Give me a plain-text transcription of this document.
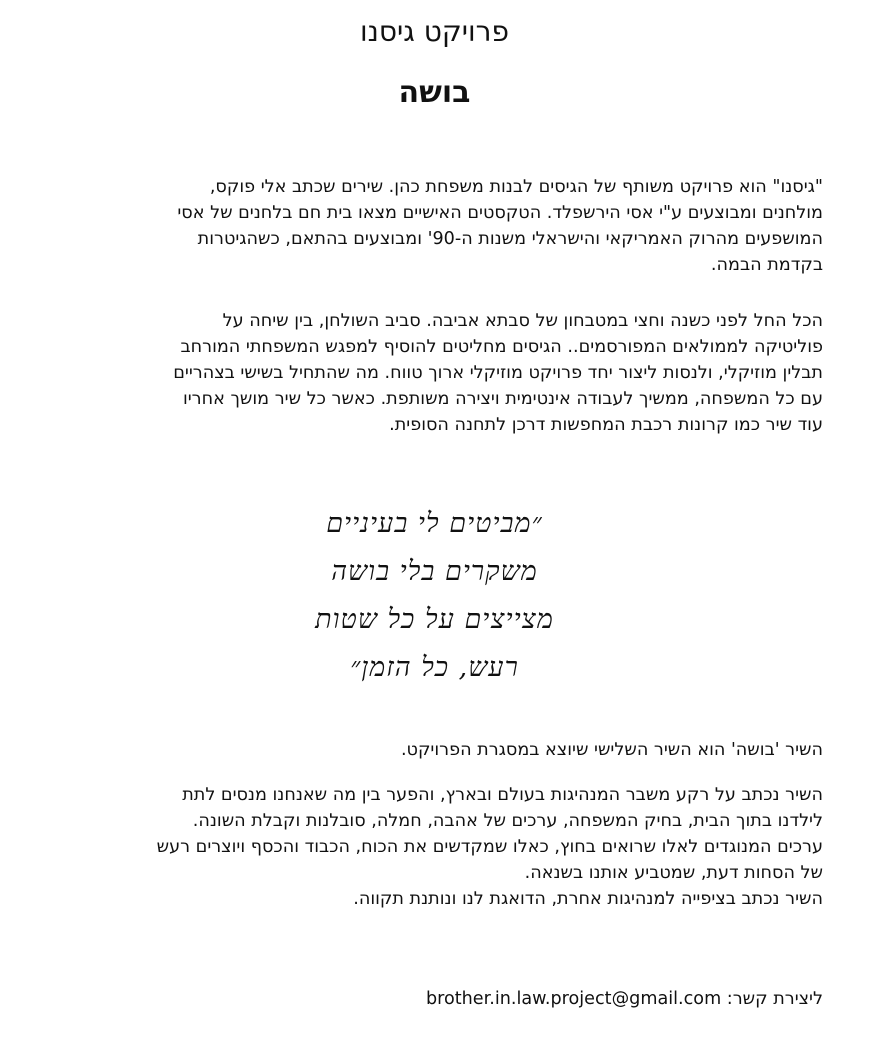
פרויקט גיסנו
בושה

"גיסנו" הוא פרויקט משותף של הגיסים לבנות משפחת כהן. שירים שכתב אלי פוקס,
מולחנים ומבוצעים ע"י אסי הירשפלד. הטקסטים האישיים מצאו בית חם בלחנים של אסי
המושפעים מהרוק האמריקאי והישראלי משנות ה-90' ומבוצעים בהתאם, כשהגיטרות
בקדמת הבמה.

הכל החל לפני כשנה וחצי במטבחון של סבתא אביבה. סביב השולחן, בין שיחה על
פוליטיקה לממולאים המפורסמים.. הגיסים מחליטים להוסיף למפגש המשפחתי המורחב
תבלין מוזיקלי, ולנסות ליצור יחד פרויקט מוזיקלי ארוך טווח. מה שהתחיל בשישי בצהריים
עם כל המשפחה, ממשיך לעבודה אינטימית ויצירה משותפת. כאשר כל שיר מושך אחריו
עוד שיר כמו קרונות רכבת המחפשות דרכן לתחנה הסופית.

״מביטים לי בעיניים
משקרים בלי בושה
מצייצים על כל שטות
רעש, כל הזמן״

השיר 'בושה' הוא השיר השלישי שיוצא במסגרת הפרויקט.

השיר נכתב על רקע משבר המנהיגות בעולם ובארץ, והפער בין מה שאנחנו מנסים לתת
לילדנו בתוך הבית, בחיק המשפחה, ערכים של אהבה, חמלה, סובלנות וקבלת השונה.
ערכים המנוגדים לאלו שרואים בחוץ, כאלו שמקדשים את הכוח, הכבוד והכסף ויוצרים רעש
של הסחות דעת, שמטביע אותנו בשנאה.
השיר נכתב בציפייה למנהיגות אחרת, הדואגת לנו ונותנת תקווה.

ליצירת קשר: brother.in.law.project@gmail.com
